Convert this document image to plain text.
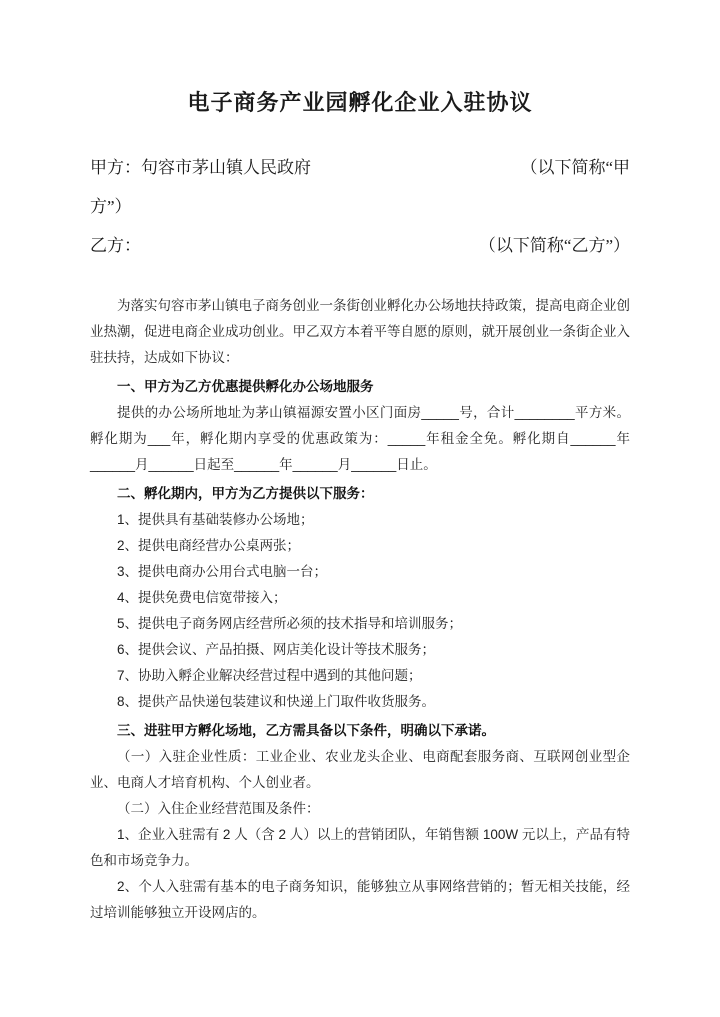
电子商务产业园孵化企业入驻协议
甲方：句容市茅山镇人民政府	（以下简称“甲
方”）
乙方：	（以下简称“乙方”）

为落实句容市茅山镇电子商务创业一条街创业孵化办公场地扶持政策，提高电商企业创业热潮，促进电商企业成功创业。甲乙双方本着平等自愿的原则，就开展创业一条街企业入驻扶持，达成如下协议：

一、甲方为乙方优惠提供孵化办公场地服务

提供的办公场所地址为茅山镇福源安置小区门面房_____号，合计________平方米。孵化期为___年，孵化期内享受的优惠政策为：_____年租金全免。孵化期自______年______月______日起至______年______月______日止。

二、孵化期内，甲方为乙方提供以下服务：

1、提供具有基础装修办公场地；

2、提供电商经营办公桌两张；

3、提供电商办公用台式电脑一台；

4、提供免费电信宽带接入；

5、提供电子商务网店经营所必须的技术指导和培训服务；

6、提供会议、产品拍摄、网店美化设计等技术服务；

7、协助入孵企业解决经营过程中遇到的其他问题；

8、提供产品快递包装建议和快递上门取件收货服务。

三、进驻甲方孵化场地，乙方需具备以下条件，明确以下承诺。

（一）入驻企业性质：工业企业、农业龙头企业、电商配套服务商、互联网创业型企业、电商人才培育机构、个人创业者。

（二）入住企业经营范围及条件：

1、企业入驻需有 2 人（含 2 人）以上的营销团队，年销售额 100W 元以上，产品有特色和市场竞争力。

2、个人入驻需有基本的电子商务知识，能够独立从事网络营销的；暂无相关技能，经过培训能够独立开设网店的。
